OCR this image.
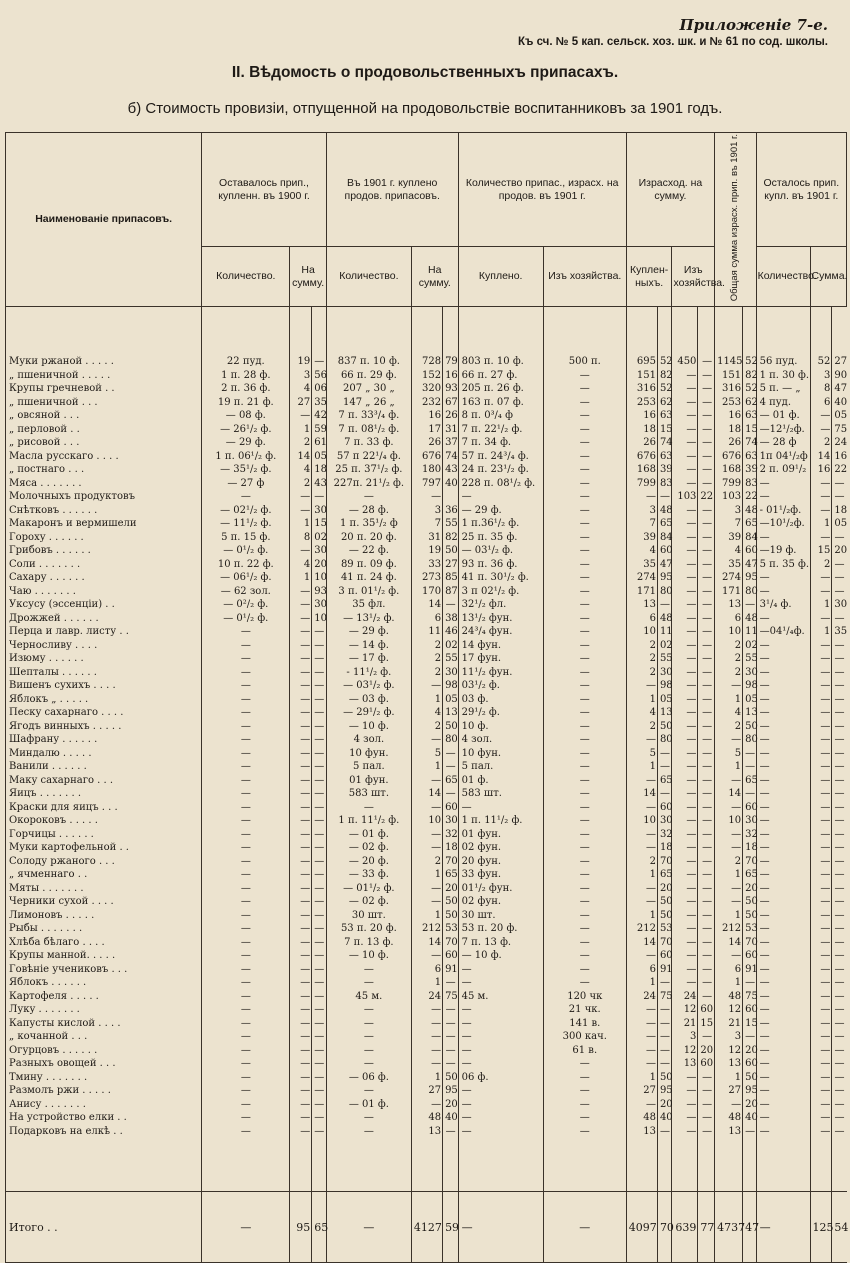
Приложеніе 7-е.
Къ сч. № 5 кап. сельск. хоз. шк. и № 61 по сод. школы.
II. Вѣдомость о продовольственныхъ припасахъ.
б) Стоимость провизіи, отпущенной на продовольствіе воспитанниковъ за 1901 годъ.
Наименованіе припасовъ.	Оставалось прип., купленн. въ 1900 г.			Въ 1901 г. куплено продов. припасовъ.			Количество припас., израсх. на продов. въ 1901 г.		Израсход. на сумму.				Общая сумма израсх. прип. въ 1901 г.		Осталось прип. купл. въ 1901 г.		
	Количество.	На сумму.		Количество.	На сумму.		Куплено.	Изъ хозяйства.	Купленныхъ.		Изъ хозяйства.				Количество.	Сумма.	

Муки ржаной . . . . .	22 пуд.	19	—	837 п. 10 ф.	728	79	803 п. 10 ф.	500 п.	695	52	450	—	1145	52	56 пуд.	52	27
„ пшеничной . . . . .	1 п. 28 ф.	3	56	66 п. 29 ф.	152	16	66 п. 27 ф.	—	151	82	—	—	151	82	1 п. 30 ф.	3	90
Крупы гречневой . .	2 п. 36 ф.	4	06	207 „ 30 „	320	93	205 п. 26 ф.	—	316	52	—	—	316	52	5 п. — „	8	47
„ пшеничной . . .	19 п. 21 ф.	27	35	147 „ 26 „	232	67	163 п. 07 ф.	—	253	62	—	—	253	62	4 пуд.	6	40
„ овсяной . . .	— 08 ф.	—	42	7 п. 33³/₄ ф.	16	26	8 п. 0³/₄ ф	—	16	63	—	—	16	63	— 01 ф.	—	05
„ перловой . .	— 26¹/₂ ф.	1	59	7 п. 08¹/₂ ф.	17	31	7 п. 22¹/₂ ф.	—	18	15	—	—	18	15	—12¹/₂ф.	—	75
„ рисовой . . .	— 29 ф.	2	61	7 п. 33 ф.	26	37	7 п. 34 ф.	—	26	74	—	—	26	74	— 28 ф	2	24
Масла русскаго . . . .	1 п. 06¹/₂ ф.	14	05	57 п 22¹/₄ ф.	676	74	57 п. 24³/₄ ф.	—	676	63	—	—	676	63	1п 04¹/₂ф	14	16
„ постнаго . . .	— 35¹/₂ ф.	4	18	25 п. 37¹/₂ ф.	180	43	24 п. 23¹/₂ ф.	—	168	39	—	—	168	39	2 п. 09¹/₂	16	22
Мяса . . . . . . .	— 27 ф	2	43	227п. 21¹/₂ ф.	797	40	228 п. 08¹/₂ ф.	—	799	83	—	—	799	83	—	—	—
Молочныхъ продуктовъ	—	—	—	—	—		—	—	—	—	103	22	103	22	—	—	—
Снѣтковъ . . . . . .	— 02¹/₂ ф.	—	30	— 28 ф.	3	36	— 29 ф.	—	3	48	—	—	3	48	- 01¹/₂ф.	—	18
Макаронъ и вермишели	— 11¹/₂ ф.	1	15	1 п. 35¹/₂ ф	7	55	1 п.36¹/₂ ф.	—	7	65	—	—	7	65	—10¹/₂ф.	1	05
Гороху . . . . . .	5 п. 15 ф.	8	02	20 п. 20 ф.	31	82	25 п. 35 ф.	—	39	84	—	—	39	84	—	—	—
Грибовъ . . . . . .	— 0¹/₂ ф.	—	30	— 22 ф.	19	50	— 03¹/₂ ф.	—	4	60	—	—	4	60	—19 ф.	15	20
Соли . . . . . . .	10 п. 22 ф.	4	20	89 п. 09 ф.	33	27	93 п. 36 ф.	—	35	47	—	—	35	47	5 п. 35 ф.	2	—
Сахару . . . . . .	— 06¹/₂ ф.	1	10	41 п. 24 ф.	273	85	41 п. 30¹/₂ ф.	—	274	95	—	—	274	95	—	—	—
Чаю . . . . . . .	— 62 зол.	—	93	3 п. 01¹/₂ ф.	170	87	3 п 02¹/₂ ф.	—	171	80	—	—	171	80	—	—	—
Уксусу (эссенціи) . .	— 0²/₂ ф.	—	30	35 фл.	14	—	32¹/₂ фл.	—	13	—	—	—	13	—	3¹/₄ ф.	1	30
Дрожжей . . . . . .	— 0¹/₂ ф.	—	10	— 13¹/₂ ф.	6	38	13¹/₂ фун.	—	6	48	—	—	6	48	—	—	—
Перца и лавр. листу . .	—	—	—	— 29 ф.	11	46	24³/₄ фун.	—	10	11	—	—	10	11	—04¹/₄ф.	1	35
Черносливу . . . .	—	—	—	— 14 ф.	2	02	14 фун.	—	2	02	—	—	2	02	—	—	—
Изюму . . . . . .	—	—	—	— 17 ф.	2	55	17 фун.	—	2	55	—	—	2	55	—	—	—
Шепталы . . . . . .	—	—	—	- 11¹/₂ ф.	2	30	11¹/₂ фун.	—	2	30	—	—	2	30	—	—	—
Вишенъ сухихъ . . . .	—	—	—	— 03¹/₂ ф.	—	98	03¹/₂ ф.	—	—	98	—	—	—	98	—	—	—
Яблокъ „ . . . . .	—	—	—	— 03 ф.	1	05	03 ф.	—	1	05	—	—	1	05	—	—	—
Песку сахарнаго . . . .	—	—	—	— 29¹/₂ ф.	4	13	29¹/₂ ф.	—	4	13	—	—	4	13	—	—	—
Ягодъ винныхъ . . . . .	—	—	—	— 10 ф.	2	50	10 ф.	—	2	50	—	—	2	50	—	—	—
Шафрану . . . . . .	—	—	—	4 зол.	—	80	4 зол.	—	—	80	—	—	—	80	—	—	—
Миндалю . . . . .	—	—	—	10 фун.	5	—	10 фун.	—	5	—	—	—	5	—	—	—	—
Ванили . . . . . .	—	—	—	5 пал.	1	—	5 пал.	—	1	—	—	—	1	—	—	—	—
Маку сахарнаго . . .	—	—	—	01 фун.	—	65	01 ф.	—	—	65	—	—	—	65	—	—	—
Яицъ . . . . . . .	—	—	—	583 шт.	14	—	583 шт.	—	14	—	—	—	14	—	—	—	—
Краски для яицъ . . .	—	—	—	—	—	60	—	—	—	60	—	—	—	60	—	—	—
Окороковъ . . . . .	—	—	—	1 п. 11¹/₂ ф.	10	30	1 п. 11¹/₂ ф.	—	10	30	—	—	10	30	—	—	—
Горчицы . . . . . .	—	—	—	— 01 ф.	—	32	01 фун.	—	—	32	—	—	—	32	—	—	—
Муки картофельной . .	—	—	—	— 02 ф.	—	18	02 фун.	—	—	18	—	—	—	18	—	—	—
Солоду ржаного . . .	—	—	—	— 20 ф.	2	70	20 фун.	—	2	70	—	—	2	70	—	—	—
„ ячменнаго . .	—	—	—	— 33 ф.	1	65	33 фун.	—	1	65	—	—	1	65	—	—	—
Мяты . . . . . . .	—	—	—	— 01¹/₂ ф.	—	20	01¹/₂ фун.	—	—	20	—	—	—	20	—	—	—
Черники сухой . . . .	—	—	—	— 02 ф.	—	50	02 фун.	—	—	50	—	—	—	50	—	—	—
Лимоновъ . . . . .	—	—	—	30 шт.	1	50	30 шт.	—	1	50	—	—	1	50	—	—	—
Рыбы . . . . . . .	—	—	—	53 п. 20 ф.	212	53	53 п. 20 ф.	—	212	53	—	—	212	53	—	—	—
Хлѣба бѣлаго . . . .	—	—	—	7 п. 13 ф.	14	70	7 п. 13 ф.	—	14	70	—	—	14	70	—	—	—
Крупы манной. . . . .	—	—	—	— 10 ф.	—	60	— 10 ф.	—	—	60	—	—	—	60	—	—	—
Говѣніе учениковъ . . .	—	—	—	—	6	91	—	—	6	91	—	—	6	91	—	—	—
Яблокъ . . . . . .	—	—	—	—	1	—	—	—	1	—	—	—	1	—	—	—	—
Картофеля . . . . .	—	—	—	45 м.	24	75	45 м.	120 чк	24	75	24	—	48	75	—	—	—
Луку . . . . . . .	—	—	—	—	—	—	—	21 чк.	—	—	12	60	12	60	—	—	—
Капусты кислой . . . .	—	—	—	—	—	—	—	141 в.	—	—	21	15	21	15	—	—	—
„ кочанной . . .	—	—	—	—	—	—	—	300 кач.	—	—	3	—	3	—	—	—	—
Огурцовъ . . . . . .	—	—	—	—	—	—	—	61 в.	—	—	12	20	12	20	—	—	—
Разныхъ овощей . . .	—	—	—	—	—	—	—	—	—	—	13	60	13	60	—	—	—
Тмину . . . . . . .	—	—	—	— 06 ф.	1	50	06 ф.	—	1	50	—	—	1	50	—	—	—
Размолъ ржи . . . . .	—	—	—	—	27	95	—	—	27	95	—	—	27	95	—	—	—
Анису . . . . . . .	—	—	—	— 01 ф.	—	20	—	—	—	20	—	—	—	20	—	—	—
На устройство елки . .	—	—	—	—	48	40	—	—	48	40	—	—	48	40	—	—	—
Подарковъ на елкѣ . .	—	—	—	—	13	—	—	—	13	—	—	—	13	—	—	—	—

Итого . .	—	95	65	—	4127	59	—	—	4097	70	639	77	4737	47	—	125	54
